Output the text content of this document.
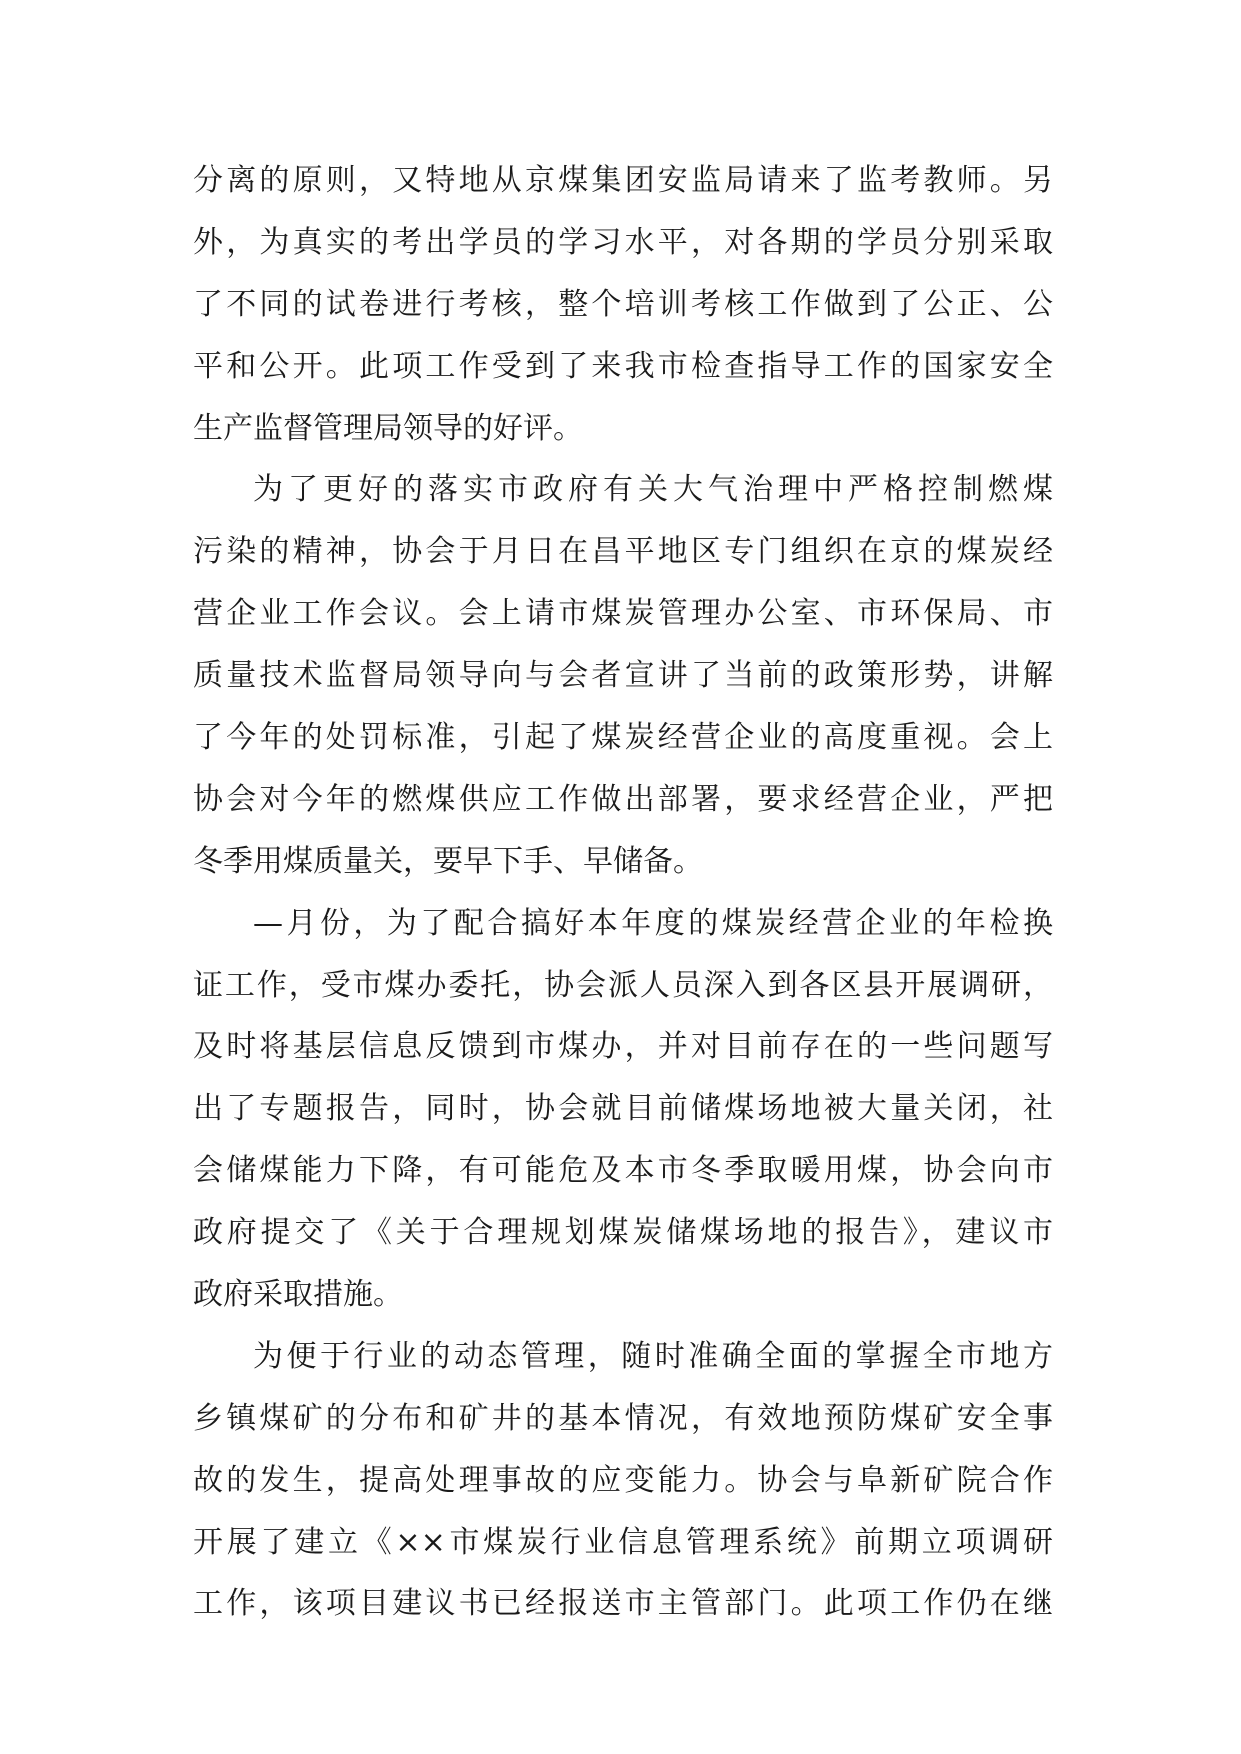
分离的原则，又特地从京煤集团安监局请来了监考教师。另
外，为真实的考出学员的学习水平，对各期的学员分别采取
了不同的试卷进行考核，整个培训考核工作做到了公正、公
平和公开。此项工作受到了来我市检查指导工作的国家安全
生产监督管理局领导的好评。
为了更好的落实市政府有关大气治理中严格控制燃煤
污染的精神，协会于月日在昌平地区专门组织在京的煤炭经
营企业工作会议。会上请市煤炭管理办公室、市环保局、市
质量技术监督局领导向与会者宣讲了当前的政策形势，讲解
了今年的处罚标准，引起了煤炭经营企业的高度重视。会上
协会对今年的燃煤供应工作做出部署，要求经营企业，严把
冬季用煤质量关，要早下手、早储备。
—月份，为了配合搞好本年度的煤炭经营企业的年检换
证工作，受市煤办委托，协会派人员深入到各区县开展调研，
及时将基层信息反馈到市煤办，并对目前存在的一些问题写
出了专题报告，同时，协会就目前储煤场地被大量关闭，社
会储煤能力下降，有可能危及本市冬季取暖用煤，协会向市
政府提交了《关于合理规划煤炭储煤场地的报告》，建议市
政府采取措施。
为便于行业的动态管理，随时准确全面的掌握全市地方
乡镇煤矿的分布和矿井的基本情况，有效地预防煤矿安全事
故的发生，提高处理事故的应变能力。协会与阜新矿院合作
开展了建立《××市煤炭行业信息管理系统》前期立项调研
工作，该项目建议书已经报送市主管部门。此项工作仍在继
